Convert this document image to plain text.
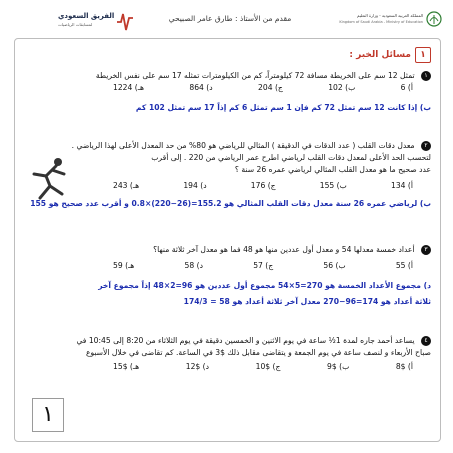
الفريق السعودي
لمسابقات الرياضيات
مقدم من الأستاذ : طارق عامر الصبيحي	المملكة العربية السعودية - وزارة التعليم
Kingdom of Saudi Arabia - Ministry of Education
١
مسائل الخبر :
١ تمثل 12 سم على الخريطة مسافة 72 كيلومتراً، كم من الكيلومترات تمثله 17 سم على نفس الخريطة
أ) 6
ب) 102
ج) 204
د) 864
هـ) 1224
ب) إذا كانت 12 سم تمثل 72 كم فإن 1 سم تمثل 6 كم إذاً 17 سم تمثل 102 كم
٢ معدل دقات القلب ( عدد الدقات في الدقيقة ) المثالي للرياضي هو 80% من حد المعدل الأعلى لهذا الرياضي .
لتحسب الحد الأعلى لمعدل دقات القلب لرياضي اطرح عمر الرياضي من 220 . إلى أقرب
عدد صحيح ما هو معدل القلب المثالي لرياضي عمره 26 سنة ؟
أ) 134
ب) 155
ج) 176
د) 194
هـ) 243
ب) لرياضي عمره 26 سنة معدل دقات القلب المثالي هو 155.2=(26−220)×0.8 و أقرب عدد صحيح هو 155
٣ أعداد خمسة معدلها 54 و معدل أول عددين منها هو 48 فما هو معدل آخر ثلاثة منها؟
أ) 55
ب) 56
ج) 57
د) 58
هـ) 59
د) مجموع الأعداد الخمسة هو 270=5×54 مجموع أول عددين هو 96=2×48 إذاً مجموع آخر
ثلاثة أعداد هو 174=96−270 معدل آخر ثلاثة أعداد هو 58 = 174/3
٤ يساعد أحمد جاره لمدة 1½ ساعة في يوم الاثنين و الخمسين دقيقة في يوم الثلاثاء من 8:20 إلى 10:45 في
صباح الأربعاء و لنصف ساعة في يوم الجمعة و يتقاضى مقابل ذلك $3 في الساعة. كم تقاضى في خلال الأسبوع
أ) $8
ب) $9
ج) $10
د) $12
هـ) $15
١
